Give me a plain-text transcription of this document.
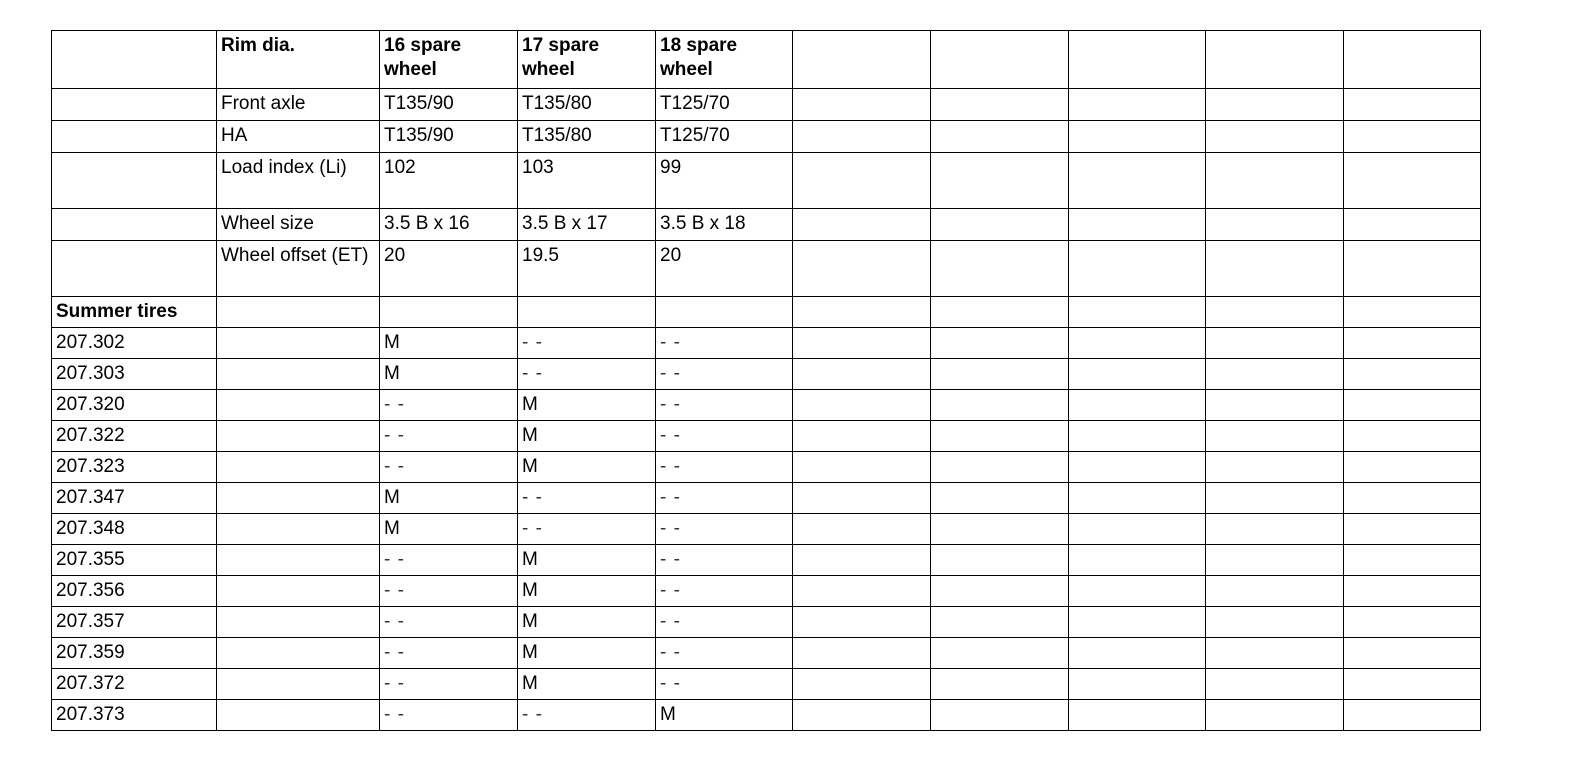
	Rim dia.	16 spare wheel	17 spare wheel	18 spare wheel					
	Front axle	T135/90	T135/80	T125/70					
	HA	T135/90	T135/80	T125/70					
	Load index (Li)	102	103	99					
	Wheel size	3.5 B x 16	3.5 B x 17	3.5 B x 18					
	Wheel offset (ET)	20	19.5	20					
Summer tires									
207.302		M	- -	- -					
207.303		M	- -	- -					
207.320		- -	M	- -					
207.322		- -	M	- -					
207.323		- -	M	- -					
207.347		M	- -	- -					
207.348		M	- -	- -					
207.355		- -	M	- -					
207.356		- -	M	- -					
207.357		- -	M	- -					
207.359		- -	M	- -					
207.372		- -	M	- -					
207.373		- -	- -	M					
